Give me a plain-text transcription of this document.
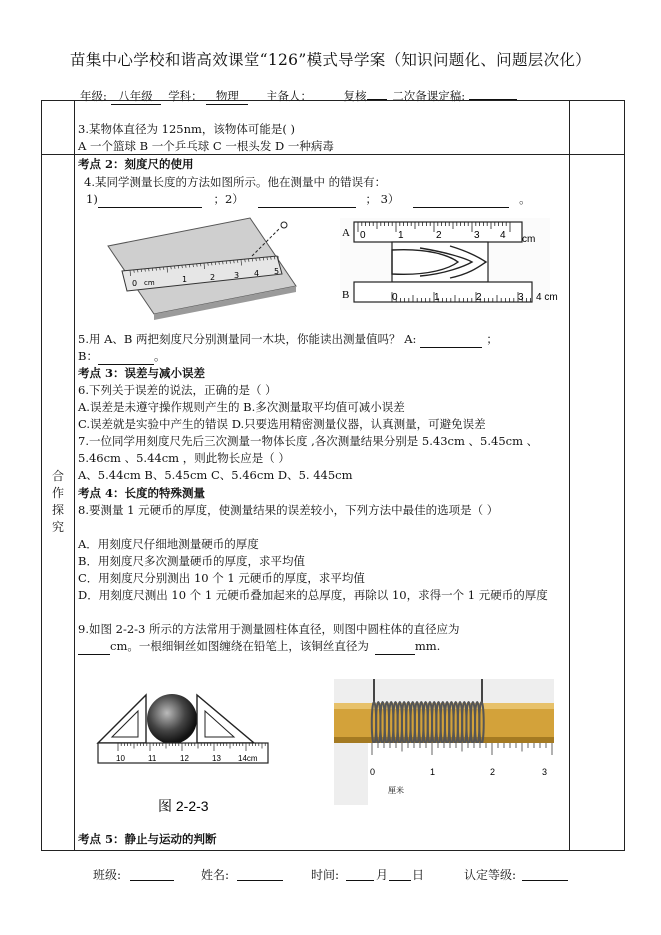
苗集中心学校和谐高效课堂“126”模式导学案（知识问题化、问题层次化）
年级: 八年级 学科： 物理 主备人：	复核 二次备课定稿:
合
作
探
究
3.某物体直径为 125nm，该物体可能是( )
A 一个篮球 B 一个乒乓球 C 一根头发 D 一种病毒
考点 2：刻度尺的使用
4.某同学测量长度的方法如图所示。他在测量中 的错误有：
1)	；2）	； 3）	。
0 cm	1	2 3 4 5
A 0	1	2	3 4 cm
B	0	1	2	3 4 cm
5.用 A、B 两把刻度尺分别测量同一木块，你能读出测量值吗？ A:	；
B：	。
考点 3：误差与减小误差
6.下列关于误差的说法，正确的是（ ）
A.误差是未遵守操作规则产生的 B.多次测量取平均值可减小误差
C.误差就是实验中产生的错误 D.只要选用精密测量仪器，认真测量，可避免误差
7.一位同学用刻度尺先后三次测量一物体长度 ,各次测量结果分别是 5.43cm 、5.45cm 、5.46cm 、5.44cm ，则此物长应是（ ）
A、5.44cm B、5.45cm C、5.46cm D、5. 445cm
考点 4：长度的特殊测量
8.要测量 1 元硬币的厚度，使测量结果的误差较小，下列方法中最佳的选项是（ ）
A．用刻度尺仔细地测量硬币的厚度
B．用刻度尺多次测量硬币的厚度，求平均值
C．用刻度尺分别测出 10 个 1 元硬币的厚度，求平均值
D．用刻度尺测出 10 个 1 元硬币叠加起来的总厚度，再除以 10，求得一个 1 元硬币的厚度
9.如图 2-2-3 所示的方法常用于测量圆柱体直径，则图中圆柱体的直径应为
cm。一根细铜丝如图缠绕在铅笔上，该铜丝直径为	mm.
10	11	12	13 14cm
图 2-2-3
0	1	2	3
厘米
考点 5：静止与运动的判断
班级:	姓名:	时间:	月 日	认定等级:
